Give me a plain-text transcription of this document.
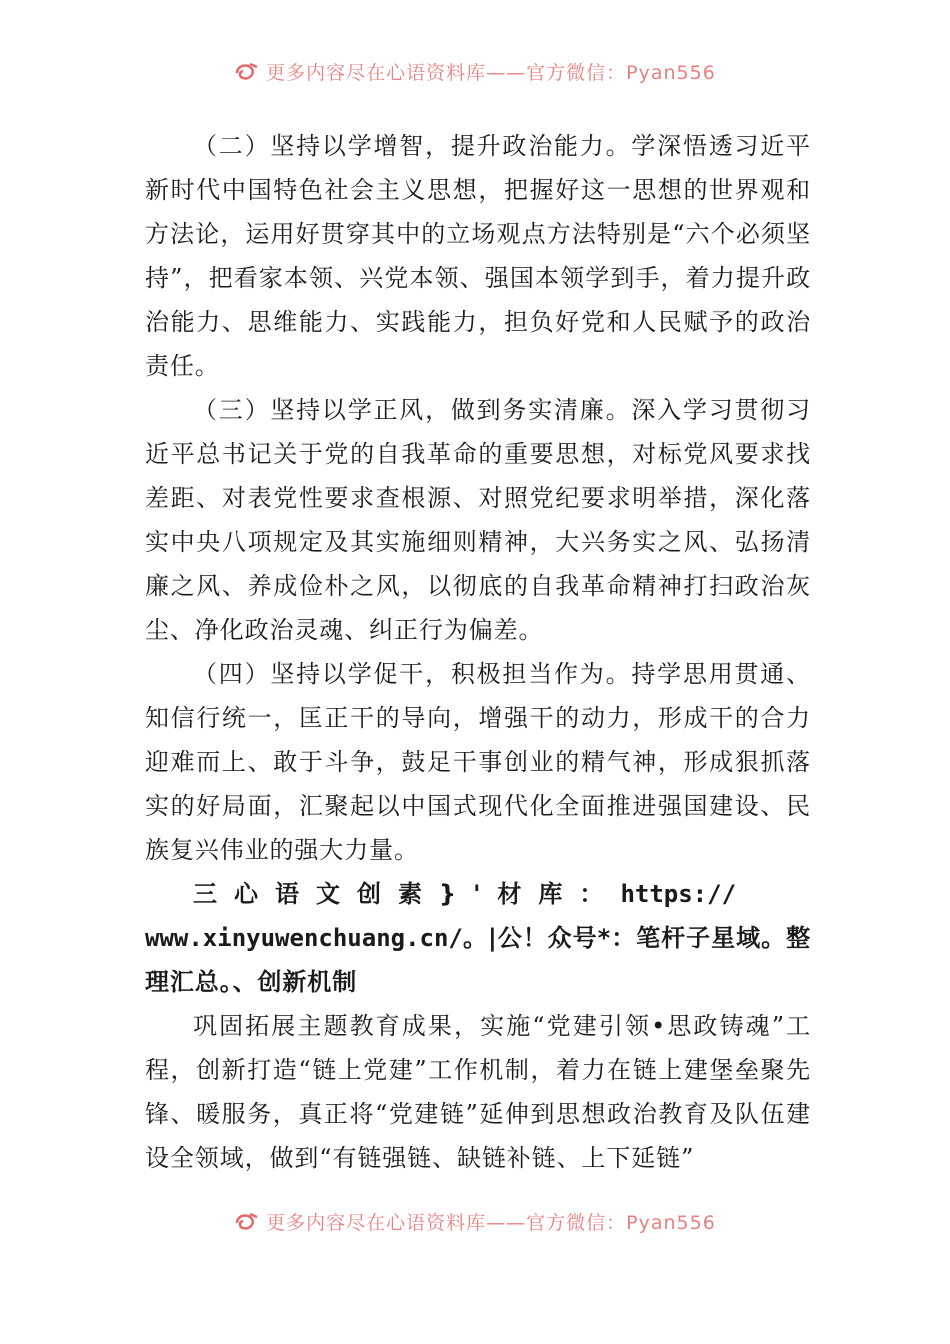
更多内容尽在心语资料库——官方微信：Pyan556

（二）坚持以学增智，提升政治能力。学深悟透习近平新时代中国特色社会主义思想，把握好这一思想的世界观和方法论，运用好贯穿其中的立场观点方法特别是“六个必须坚持”，把看家本领、兴党本领、强国本领学到手，着力提升政治能力、思维能力、实践能力，担负好党和人民赋予的政治责任。

（三）坚持以学正风，做到务实清廉。深入学习贯彻习近平总书记关于党的自我革命的重要思想，对标党风要求找差距、对表党性要求查根源、对照党纪要求明举措，深化落实中央八项规定及其实施细则精神，大兴务实之风、弘扬清廉之风、养成俭朴之风，以彻底的自我革命精神打扫政治灰尘、净化政治灵魂、纠正行为偏差。

（四）坚持以学促干，积极担当作为。持学思用贯通、知信行统一，匡正干的导向，增强干的动力，形成干的合力迎难而上、敢于斗争，鼓足干事创业的精气神，形成狠抓落实的好局面，汇聚起以中国式现代化全面推进强国建设、民族复兴伟业的强大力量。

三心语文创素}'材库：https://
www.xinyuwenchuang.cn/。|公！众号*：笔杆子星域。整理汇总。、创新机制

巩固拓展主题教育成果，实施“党建引领•思政铸魂”工程，创新打造“链上党建”工作机制，着力在链上建堡垒聚先锋、暖服务，真正将“党建链”延伸到思想政治教育及队伍建设全领域，做到“有链强链、缺链补链、上下延链”

更多内容尽在心语资料库——官方微信：Pyan556
